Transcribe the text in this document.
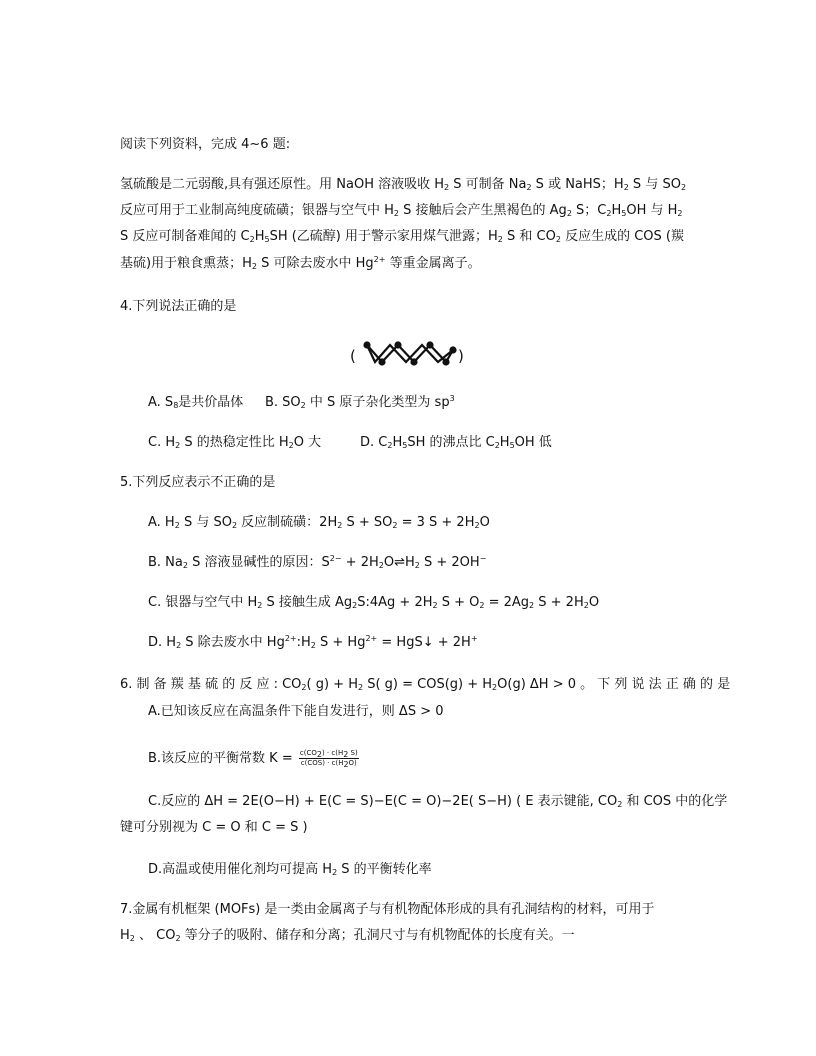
阅读下列资料，完成 4~6 题:
氢硫酸是二元弱酸,具有强还原性。用 NaOH 溶液吸收 $H_2$ S 可制备 $Na_2$ S 或 NaHS；$H_2$ S 与 $SO_2$
反应可用于工业制高纯度硫磺；银器与空气中 $H_2$ S 接触后会产生黑褐色的 $Ag_2$ S；$C_2H_5OH$ 与 $H_2$
S 反应可制备难闻的 $C_2H_5SH$ (乙硫醇) 用于警示家用煤气泄露；$H_2$ S 和 $CO_2$ 反应生成的 COS (羰
基硫)用于粮食熏蒸；$H_2$ S 可除去废水中 $Hg^{2+}$ 等重金属离子。
4.下列说法正确的是
(	)
A. $S_8$是共价晶体 B. $SO_2$ 中 S 原子杂化类型为 $sp^3$
C. $H_2$ S 的热稳定性比 $H_2O$ 大	D. $C_2H_5SH$ 的沸点比 $C_2H_5OH$ 低
5.下列反应表示不正确的是
A. $H_2$ S 与 $SO_2$ 反应制硫磺：$2H_2$ $S + SO_2 = 3$ $S + 2H_2O$
B. $Na_2$ S 溶液显碱性的原因：$S^{2-}$ + $2H_2O\rightleftharpoons H_2$ S + 2OH−
C. 银器与空气中 $H_2$ S 接触生成 $Ag_2S:4Ag + 2H_2$ $S + O_2 = 2Ag_2$ $S + 2H_2O$
D. $H_2$ S 除去废水中 $Hg^{2+}:H_2$ $S + Hg^{2+}$ = HgS↓ + 2H+
6. 制 备 羰 基 硫 的 反 应 : $CO_2$( $g) + H_2$ S( $g) = COS(g) + H_2O(g) \Delta H > 0$ 。 下 列 说 法 正 确 的 是
A.已知该反应在高温条件下能自发进行，则 ΔS > 0
B.该反应的平衡常数 $K = \frac{c(CO_2) \cdot c(H_2 S)}{c(COS) \cdot c(H_2O)}$
C.反应的 ΔH = 2E(O−H) + E(C = S)−E(C = O)−2E( S−H) ( E 表示键能, $CO_2$ 和 COS 中的化学
键可分别视为 C = O 和 C = S )
D.高温或使用催化剂均可提高 $H_2$ S 的平衡转化率
7.金属有机框架 (MOFs) 是一类由金属离子与有机物配体形成的具有孔洞结构的材料，可用于
$H_2$ 、 $CO_2$ 等分子的吸附、储存和分离；孔洞尺寸与有机物配体的长度有关。一
